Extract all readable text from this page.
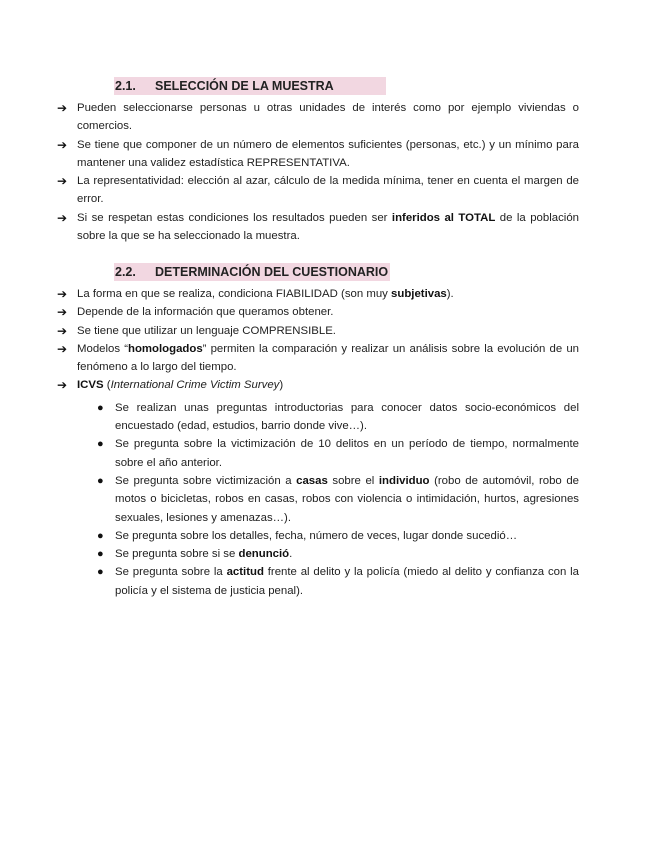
2.1. SELECCIÓN DE LA MUESTRA
➔ Pueden seleccionarse personas u otras unidades de interés como por ejemplo viviendas o comercios.
➔ Se tiene que componer de un número de elementos suficientes (personas, etc.) y un mínimo para mantener una validez estadística REPRESENTATIVA.
➔ La representatividad: elección al azar, cálculo de la medida mínima, tener en cuenta el margen de error.
➔ Si se respetan estas condiciones los resultados pueden ser inferidos al TOTAL de la población sobre la que se ha seleccionado la muestra.
2.2. DETERMINACIÓN DEL CUESTIONARIO
➔ La forma en que se realiza, condiciona FIABILIDAD (son muy subjetivas).
➔ Depende de la información que queramos obtener.
➔ Se tiene que utilizar un lenguaje COMPRENSIBLE.
➔ Modelos “homologados” permiten la comparación y realizar un análisis sobre la evolución de un fenómeno a lo largo del tiempo.
➔ ICVS (International Crime Victim Survey)
● Se realizan unas preguntas introductorias para conocer datos socio-económicos del encuestado (edad, estudios, barrio donde vive…).
● Se pregunta sobre la victimización de 10 delitos en un período de tiempo, normalmente sobre el año anterior.
● Se pregunta sobre victimización a casas sobre el individuo (robo de automóvil, robo de motos o bicicletas, robos en casas, robos con violencia o intimidación, hurtos, agresiones sexuales, lesiones y amenazas…).
● Se pregunta sobre los detalles, fecha, número de veces, lugar donde sucedió…
● Se pregunta sobre si se denunció.
● Se pregunta sobre la actitud frente al delito y la policía (miedo al delito y confianza con la policía y el sistema de justicia penal).
